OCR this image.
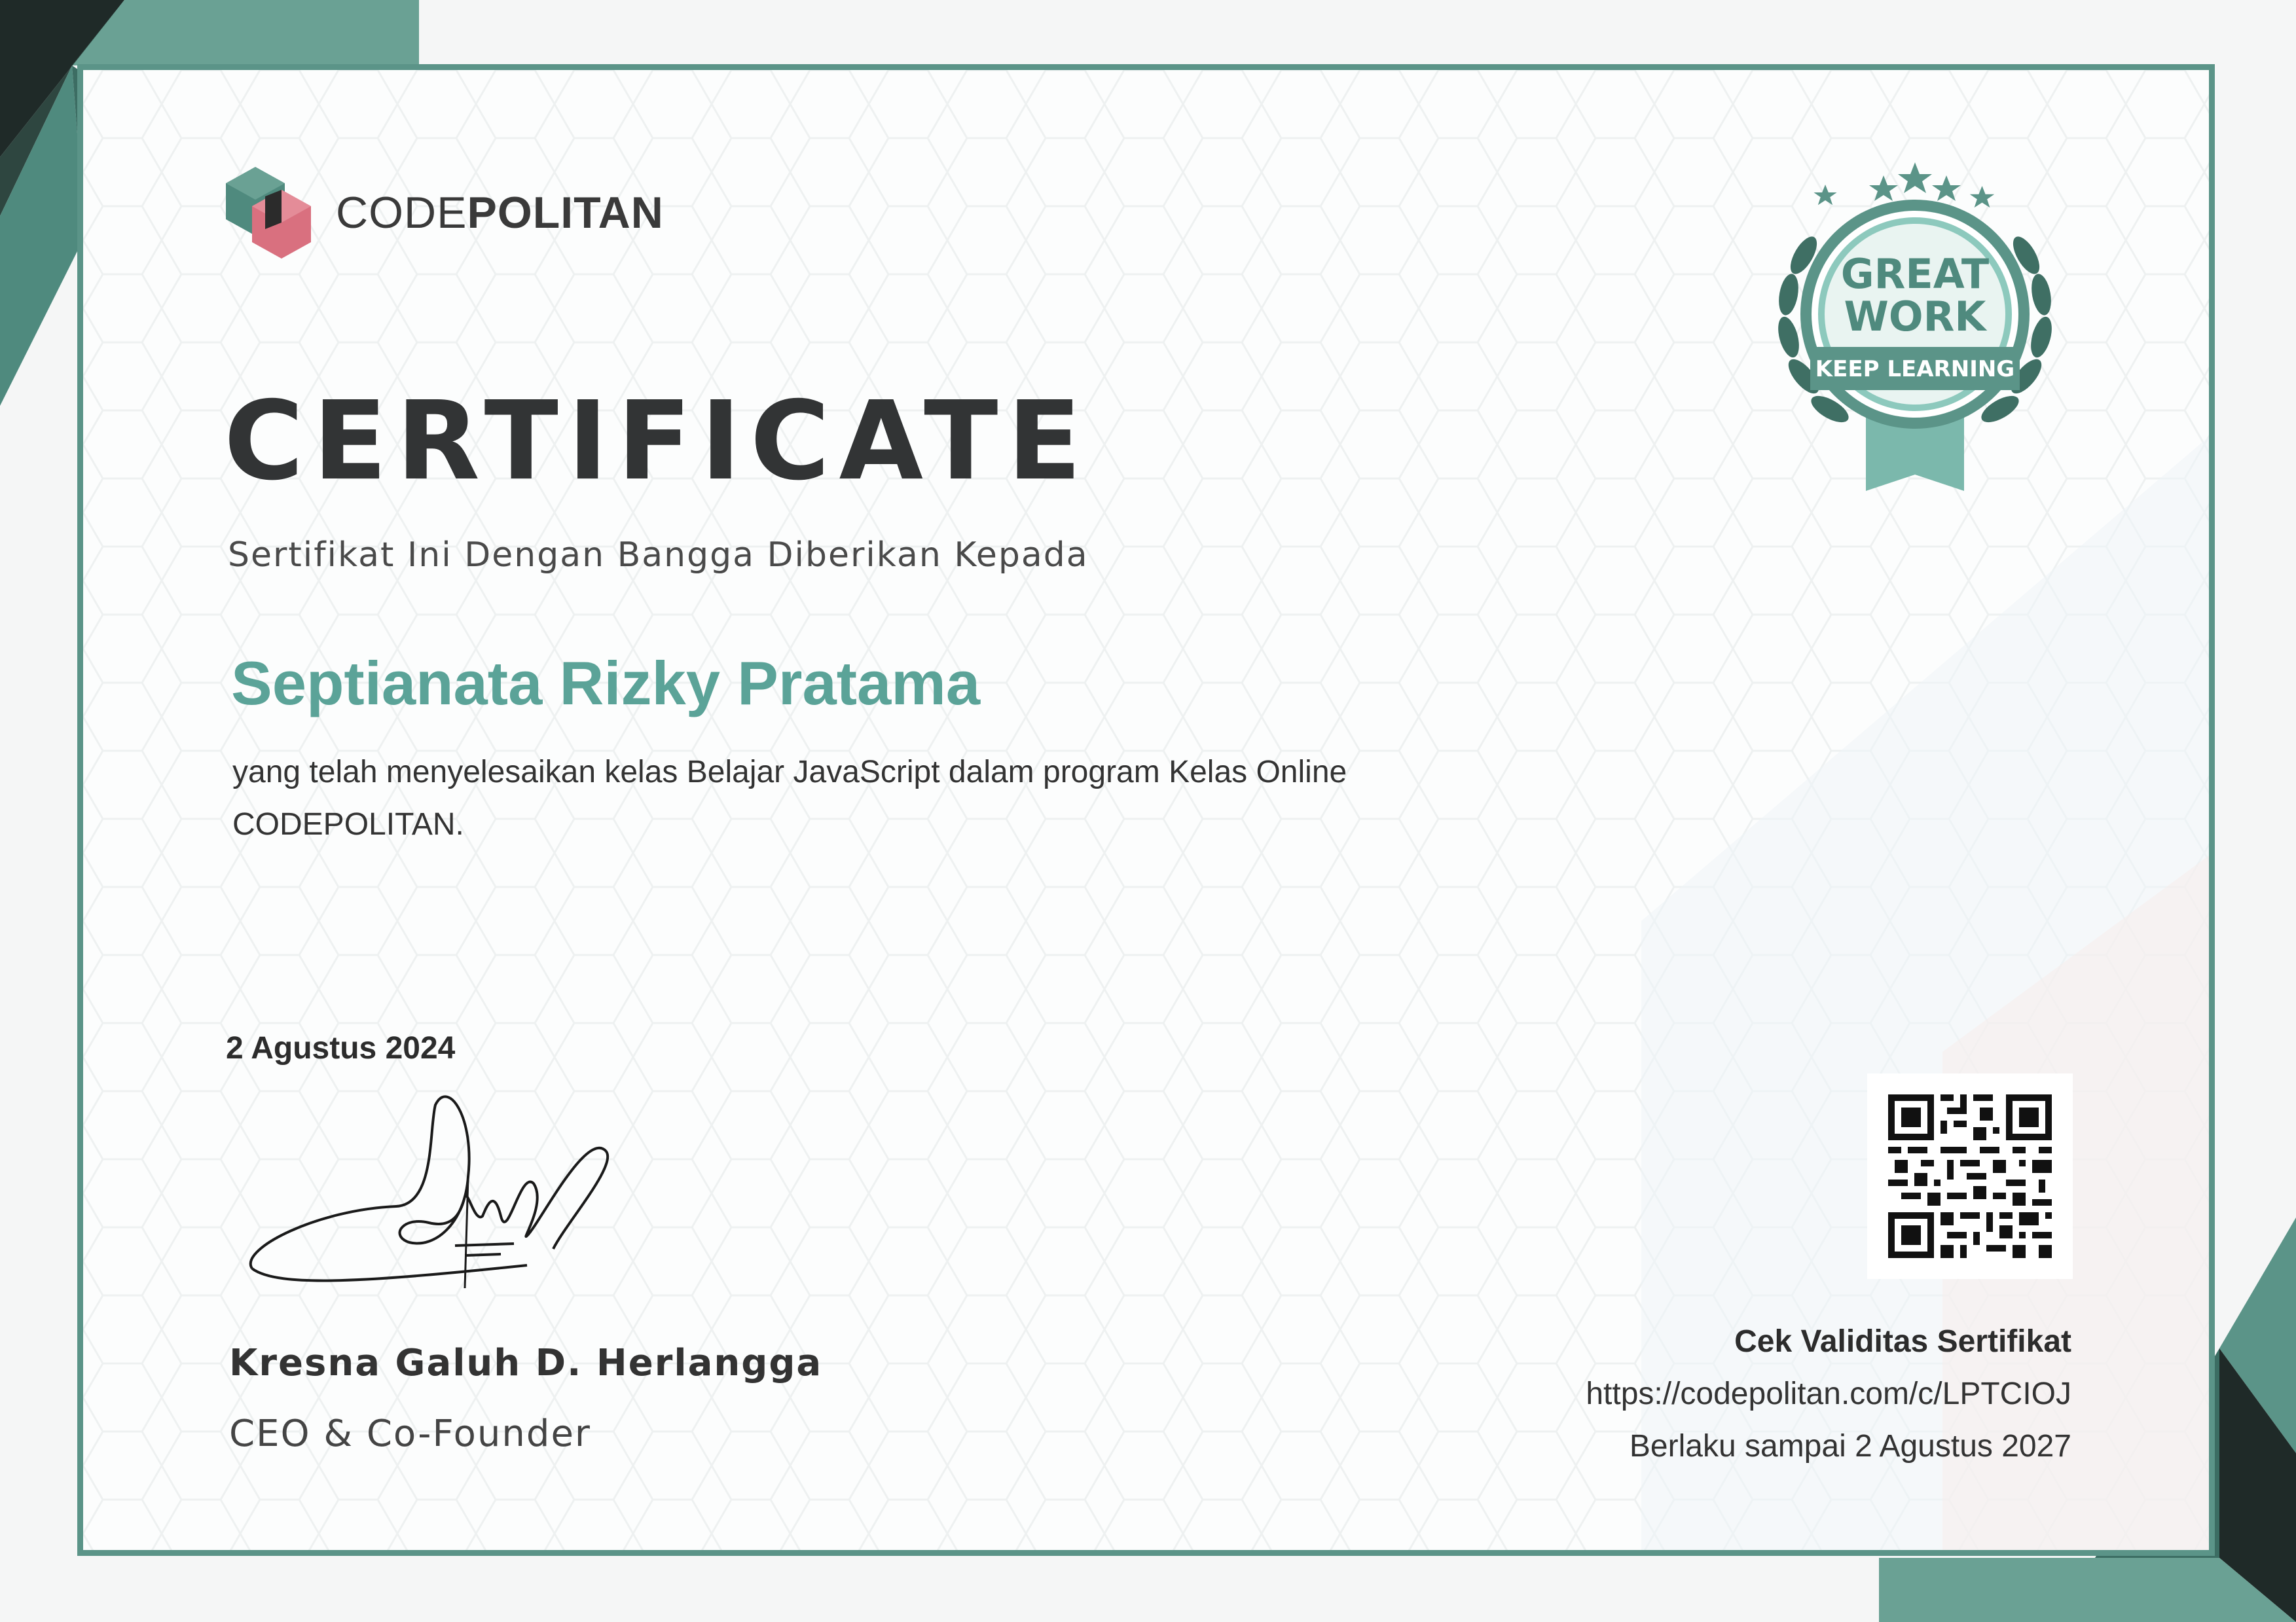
CODEPOLITAN
CERTIFICATE
Sertifikat Ini Dengan Bangga Diberikan Kepada
Septianata Rizky Pratama
yang telah menyelesaikan kelas Belajar JavaScript dalam program Kelas Online
CODEPOLITAN.
2 Agustus 2024
Kresna Galuh D. Herlangga
CEO & Co-Founder
GREAT
WORK
KEEP LEARNING
Cek Validitas Sertifikat
https://codepolitan.com/c/LPTCIOJ
Berlaku sampai 2 Agustus 2027
